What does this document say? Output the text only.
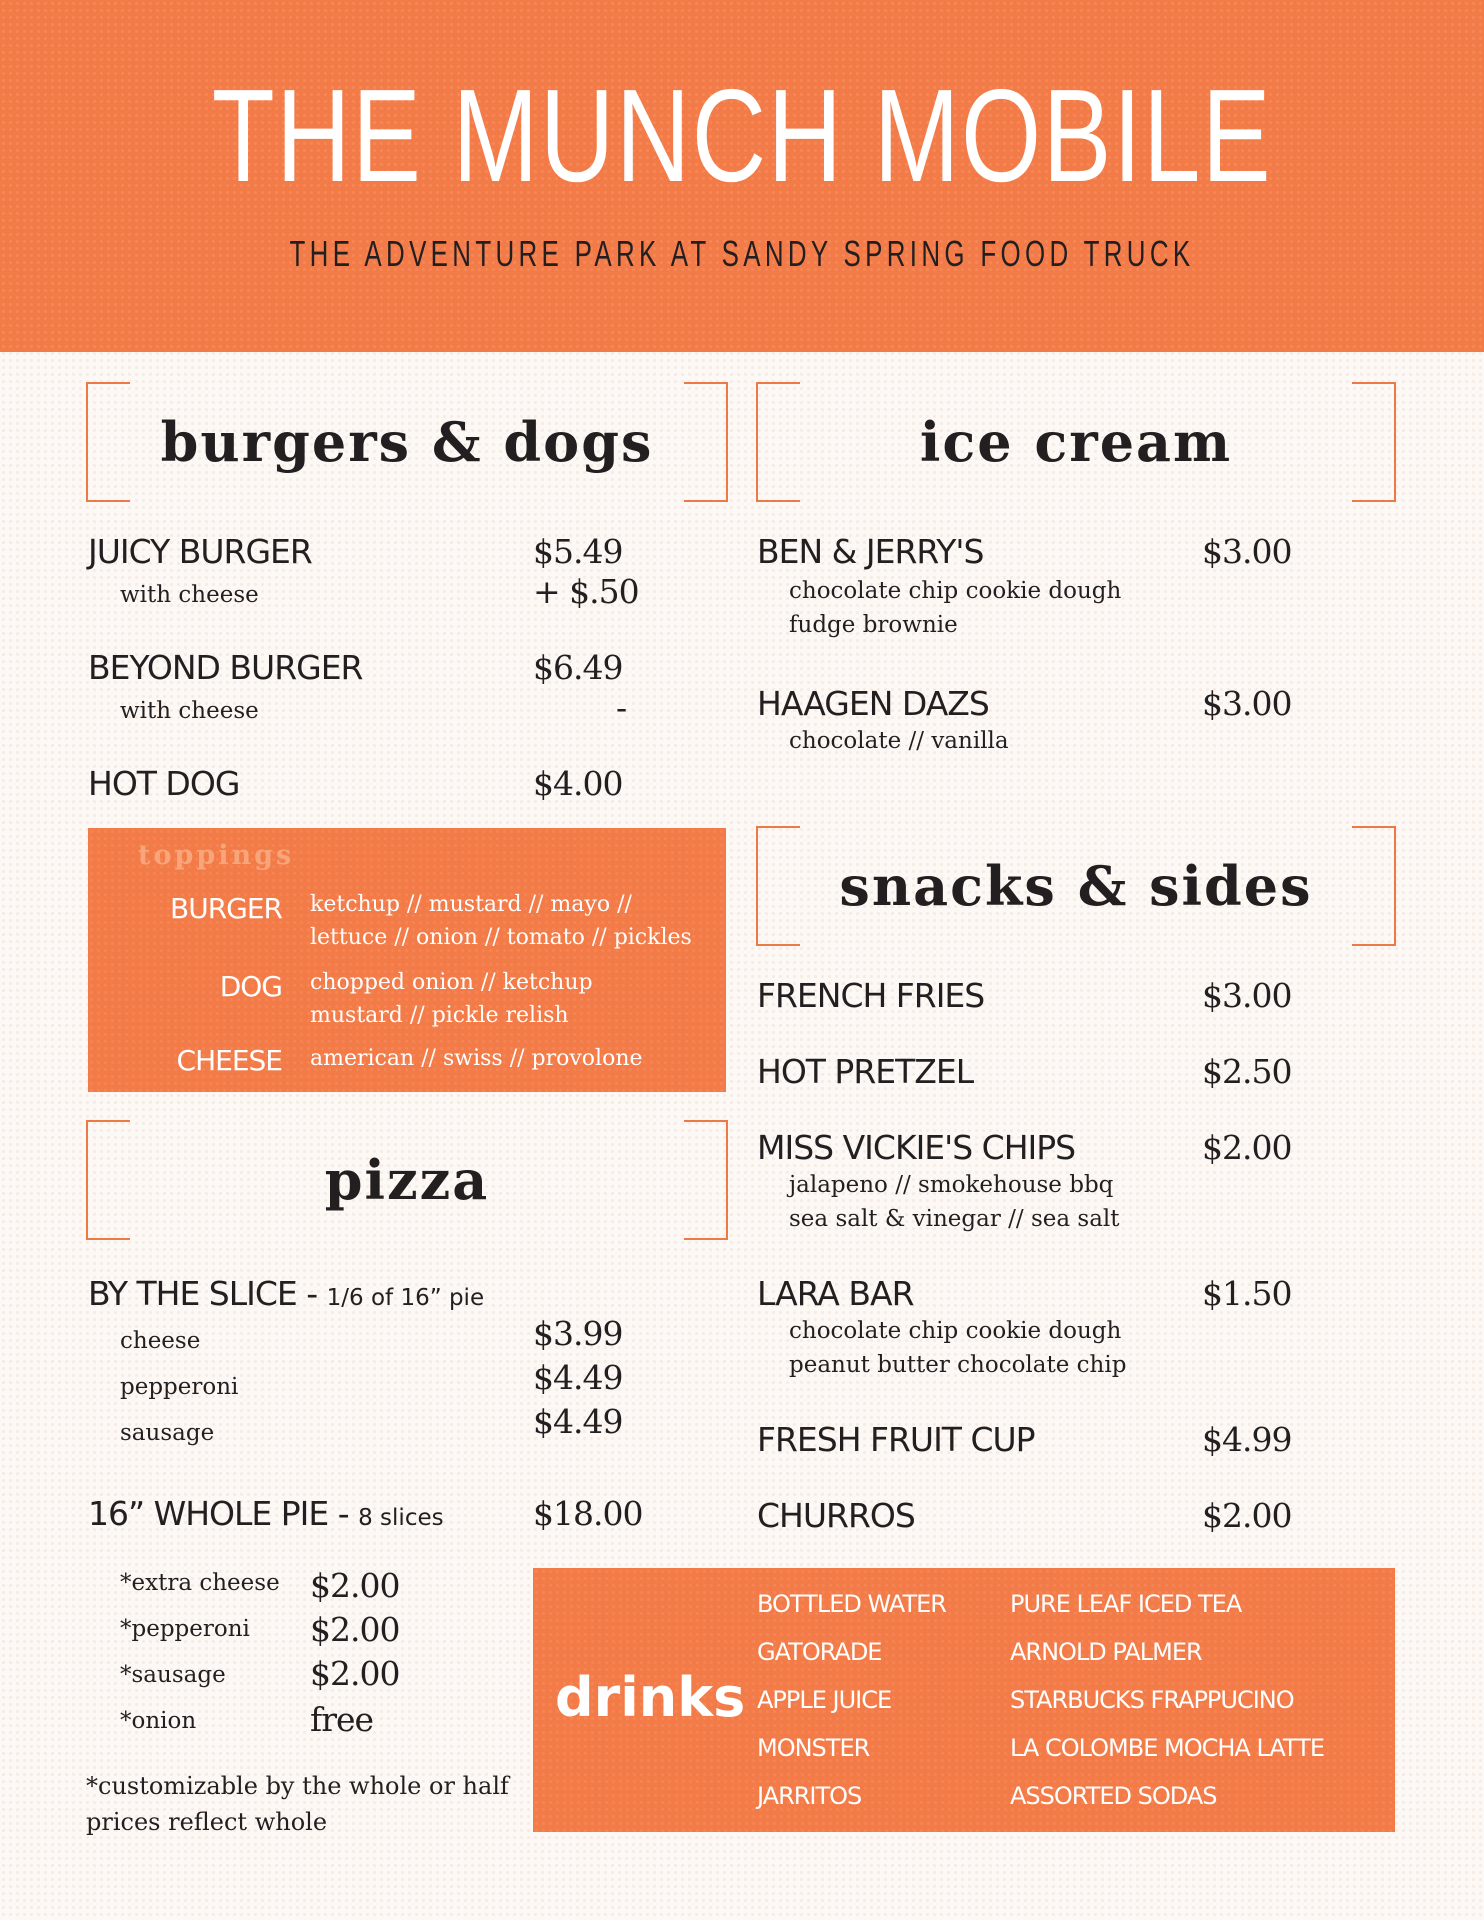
THE MUNCH MOBILE
THE ADVENTURE PARK AT SANDY SPRING FOOD TRUCK
burgers & dogs
JUICY BURGER	$5.49
with cheese	+ $.50
BEYOND BURGER	$6.49
with cheese	-
HOT DOG	$4.00
toppings
BURGER ketchup // mustard // mayo // lettuce // onion // tomato // pickles
DOG chopped onion // ketchup mustard // pickle relish
CHEESE american // swiss // provolone
pizza
BY THE SLICE - 1/6 of 16” pie
cheese	$3.99
pepperoni	$4.49
sausage	$4.49
16” WHOLE PIE - 8 slices	$18.00
*extra cheese $2.00
*pepperoni $2.00
*sausage	$2.00
*onion	free
*customizable by the whole or half
prices reflect whole
ice cream
BEN & JERRY'S	$3.00
chocolate chip cookie dough
fudge brownie
HAAGEN DAZS	$3.00
chocolate // vanilla
snacks & sides
FRENCH FRIES	$3.00
HOT PRETZEL	$2.50
MISS VICKIE'S CHIPS	$2.00
jalapeno // smokehouse bbq
sea salt & vinegar // sea salt
LARA BAR	$1.50
chocolate chip cookie dough
peanut butter chocolate chip
FRESH FRUIT CUP	$4.99
CHURROS	$2.00
drinks
BOTTLED WATER
GATORADE
APPLE JUICE
MONSTER
JARRITOS
PURE LEAF ICED TEA
ARNOLD PALMER
STARBUCKS FRAPPUCINO
LA COLOMBE MOCHA LATTE
ASSORTED SODAS
